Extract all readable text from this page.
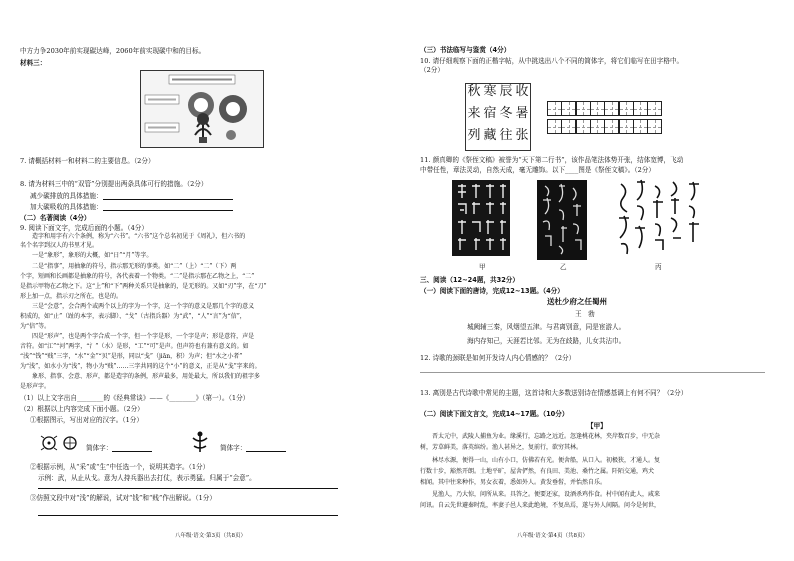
中方力争2030年前实现碳达峰，2060年前实现碳中和的目标。
材料三：
7. 请概括材料一和材料二的主要信息。（2分）
8. 请为材料三中的“双管”分别提出两条具体可行的措施。（2分）
减少碳排放的具体措施：
加大碳吸收的具体措施：
（二）名著阅读（4分）
9. 阅读下面文字，完成后面的小题。（4分）
　　造字和用字有六个条例，称为“六书”。“六书”这个总名初见于《周礼》，但六书的
名个名字到汉人的书里才见。
　　一是“象形”，象形的大概，如“日”“月”等字。
　　二是“指事”，用抽象的符号，指示那无形的事类。如“二”（上）“二”（下）两
个字，短画和长画都是抽象的符号，各代表着一个物类。“二”是指示那在乙物之上，“二”
是指示甲物在乙物之下。这“上”和“下”两种关系只是抽象的，是无形的。又如“刃”字，在“刀”
形上加一点，指示刃之所在，也是的。
　　三是“会意”，会合两个或两个以上的字为一个字，这一个字的意义是那几个字的意义
积成的，如“止”（趾的本字，表示脚）、“戈”（古指兵器）为“武”，“人”“言”为“信”，
为“信”等。
　　四是“形声”，也是两个字合成一个字，但一个字是形，一个字是声；形是意符，声是
音符。如“江”“河”两字，“氵”（水）是形，“工”“可”是声。但声符也有兼有意义的。如
“浅”“钱”“贱”三字，“水”“金”“贝”是形，同以“戋”（jiān，积）为声；但“水之小者”
为“浅”，如水小为“浅”，物小为“贱”……三字共同的这个“小”的意义，正是从“戋”字来的。
　　象形、指事、会意、形声，都是造字的条例，形声最多，用处最大，所以我们的祖字多
是形声字。
（1）以上文字出自________的《经典常谈》——《________》（第一）。（1分）
（2）根据以上内容完成下面小题。（2分）
①根据图示，写出对应的汉字。（1分）
简体字：	简体字：
②根据示例，从“采”或“生”中任选一个，说明其造字。（1分）
示例：武，从止从戈。意为人持兵器出去打仗，表示勇猛。归属于“会意”。
③仿照文段中对“浅”的解说，试对“钱”和“贱”作出解说。（1分）
八年级·语文·第3页（共8页）
（三）书法临写与鉴赏（4分）
10. 请仔细观察下面的正楷字帖，从中挑选出八个不同的简体字，将它们临写在田字格中。
（2分）
秋 寒 辰 收
来 宿 冬 暑
列 藏 往 张
11. 颜真卿的《祭侄文稿》被誉为“天下第二行书”，该作品笔法体势开张，结体宽博，飞动
中带任性，章法灵动，自然天成，毫无雕饰。以下____图是《祭侄文稿》。（2分）
甲	乙	丙
三、阅读（12~24题，共32分）
（一）阅读下面的唐诗，完成12~13题。（4分）
送杜少府之任蜀州
王　勃
城阙辅三秦，风烟望五津。与君离别意，同是宦游人。
海内存知己，天涯若比邻。无为在歧路，儿女共沾巾。
12. 诗歌的颈联是如何开发诗人内心情感的？（2分）
13. 离别是古代诗歌中常见的主题，这首诗和大多数送别诗在情感基调上有何不同？（2分）
（二）阅读下面文言文，完成14~17题。（10分）
【甲】
　　晋太元中，武陵人捕鱼为业。缘溪行，忘路之远近。忽逢桃花林，夹岸数百步，中无杂
树，芳草鲜美，落英缤纷。渔人甚异之，复前行，欲穷其林。
　　林尽水源，便得一山，山有小口，仿佛若有光。便舍船，从口入。初极狭，才通人。复
行数十步，豁然开朗。土地平旷，屋舍俨然，有良田、美池、桑竹之属。阡陌交通，鸡犬
相闻。其中往来种作，男女衣着，悉如外人。黄发垂髫，并怡然自乐。
　　见渔人，乃大惊，问所从来。具答之。便要还家，设酒杀鸡作食。村中闻有此人，咸来
问讯。自云先世避秦时乱，率妻子邑人来此绝境，不复出焉，遂与外人间隔。问今是何世，
八年级·语文·第4页（共8页）
